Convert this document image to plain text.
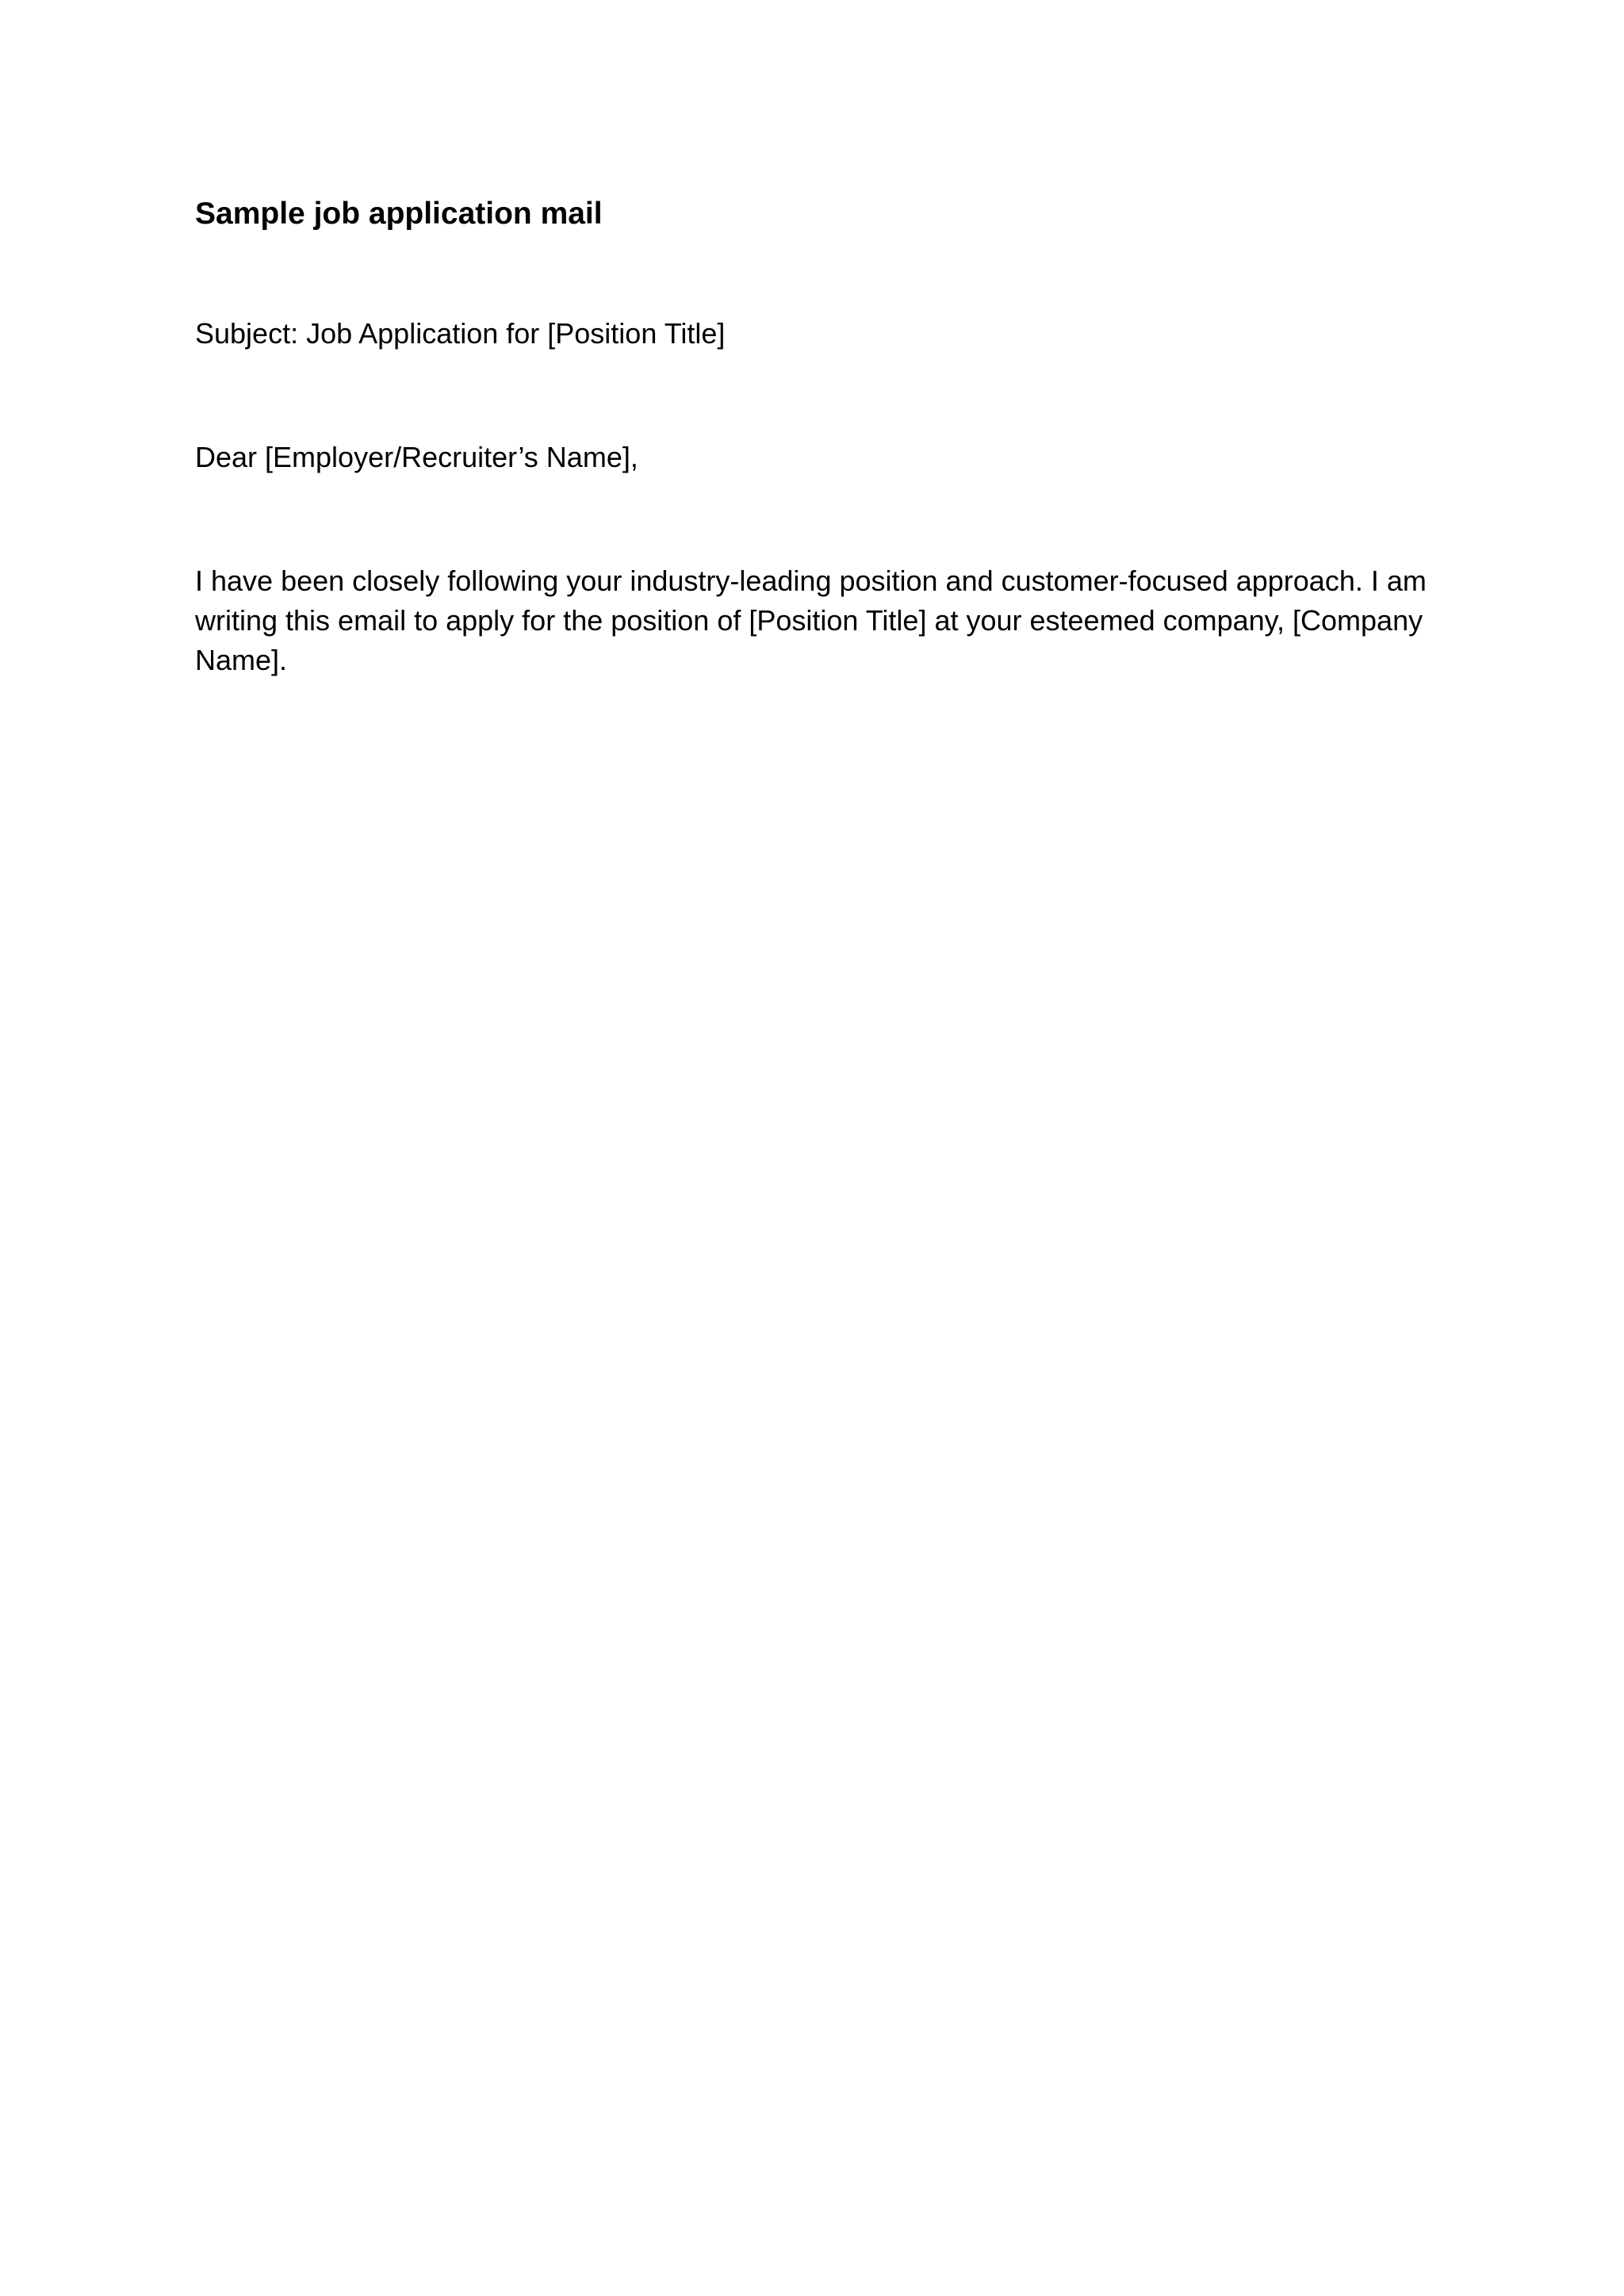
Sample job application mail

Subject: Job Application for [Position Title]

Dear [Employer/Recruiter’s Name],

I have been closely following your industry-leading position and customer-focused approach. I am writing this email to apply for the position of [Position Title] at your esteemed company, [Company Name].
